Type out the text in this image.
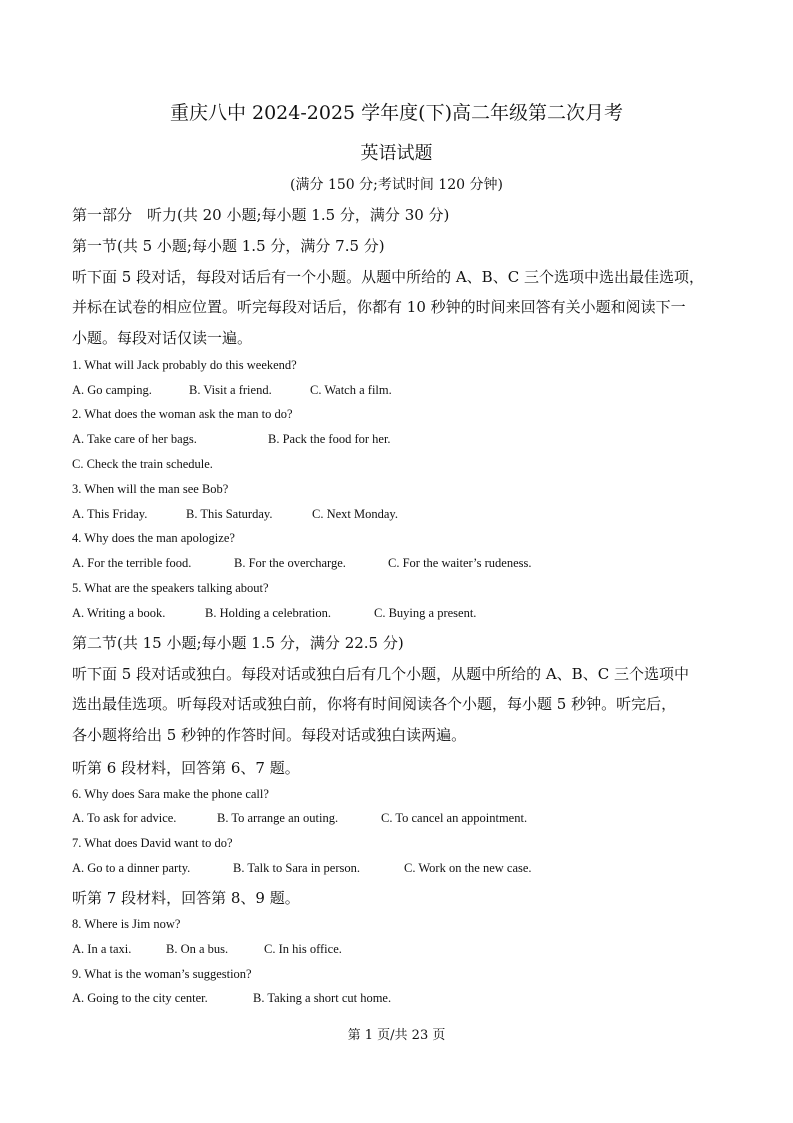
重庆八中 2024-2025 学年度(下)高二年级第二次月考
英语试题
(满分 150 分;考试时间 120 分钟)
第一部分　听力(共 20 小题;每小题 1.5 分，满分 30 分)
第一节(共 5 小题;每小题 1.5 分，满分 7.5 分)
听下面 5 段对话，每段对话后有一个小题。从题中所给的 A、B、C 三个选项中选出最佳选项，
并标在试卷的相应位置。听完每段对话后，你都有 10 秒钟的时间来回答有关小题和阅读下一
小题。每段对话仅读一遍。
1. What will Jack probably do this weekend?
A. Go camping.	B. Visit a friend.	C. Watch a film.
2. What does the woman ask the man to do?
A. Take care of her bags.	B. Pack the food for her.
C. Check the train schedule.
3. When will the man see Bob?
A. This Friday.	B. This Saturday.	C. Next Monday.
4. Why does the man apologize?
A. For the terrible food.	B. For the overcharge.	C. For the waiter’s rudeness.
5. What are the speakers talking about?
A. Writing a book.	B. Holding a celebration.	C. Buying a present.
第二节(共 15 小题;每小题 1.5 分，满分 22.5 分)
听下面 5 段对话或独白。每段对话或独白后有几个小题，从题中所给的 A、B、C 三个选项中
选出最佳选项。听每段对话或独白前，你将有时间阅读各个小题，每小题 5 秒钟。听完后，
各小题将给出 5 秒钟的作答时间。每段对话或独白读两遍。
听第 6 段材料，回答第 6、7 题。
6. Why does Sara make the phone call?
A. To ask for advice.	B. To arrange an outing.	C. To cancel an appointment.
7. What does David want to do?
A. Go to a dinner party.	B. Talk to Sara in person.	C. Work on the new case.
听第 7 段材料，回答第 8、9 题。
8. Where is Jim now?
A. In a taxi.	B. On a bus.	C. In his office.
9. What is the woman’s suggestion?
A. Going to the city center.	B. Taking a short cut home.
第 1 页/共 23 页
